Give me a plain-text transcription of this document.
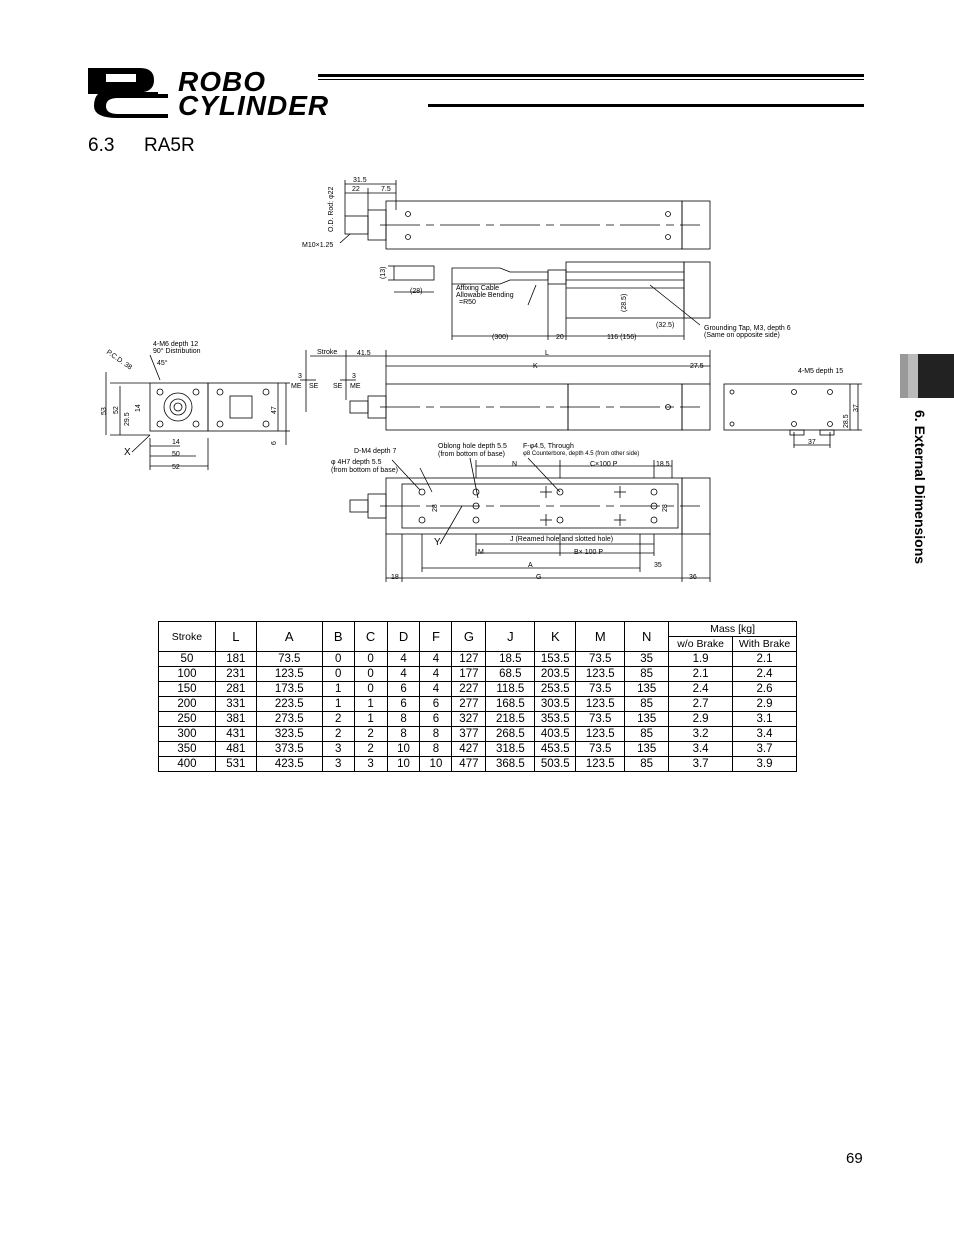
ROBO
CYLINDER
6.3 RA5R
6. External Dimensions
31.5
22	7.5
O.D. Rod: φ22
M10×1.25
(13)
(28)	Affixing Cable
Allowable Bending
=R50	(28.5)
(32.5)
(300)	20	116 (156)
Grounding Tap, M3, depth 6
(Same on opposite side)
4-M6 depth 12
90° Distribution
P.C.D. 38	45°
Stroke	41.5	L
K	27.5
3	3
ME SE SE ME
53 52
29.5
14
14
50
52
47
6
X
Y
4-M5 depth 15
37
37
28.5
D-M4 depth 7
φ 4H7 depth 5.5
(from bottom of base)
Oblong hole depth 5.5
(from bottom of base)
F-φ4.5, Through
φ8 Counterbore, depth 4.5 (from other side)
N	C×100 P	18.5
28	28
J (Reamed hole and slotted hole)
M	B× 100 P
A	35
18	G	36
Stroke	L	A	B	C	D	F	G	J	K	M	N	Mass [kg]	
												w/o Brake	With Brake

50	181	73.5	0	0	4	4	127	18.5	153.5	73.5	35	1.9	2.1
100	231	123.5	0	0	4	4	177	68.5	203.5	123.5	85	2.1	2.4
150	281	173.5	1	0	6	4	227	118.5	253.5	73.5	135	2.4	2.6
200	331	223.5	1	1	6	6	277	168.5	303.5	123.5	85	2.7	2.9
250	381	273.5	2	1	8	6	327	218.5	353.5	73.5	135	2.9	3.1
300	431	323.5	2	2	8	8	377	268.5	403.5	123.5	85	3.2	3.4
350	481	373.5	3	2	10	8	427	318.5	453.5	73.5	135	3.4	3.7
400	531	423.5	3	3	10	10	477	368.5	503.5	123.5	85	3.7	3.9
69
